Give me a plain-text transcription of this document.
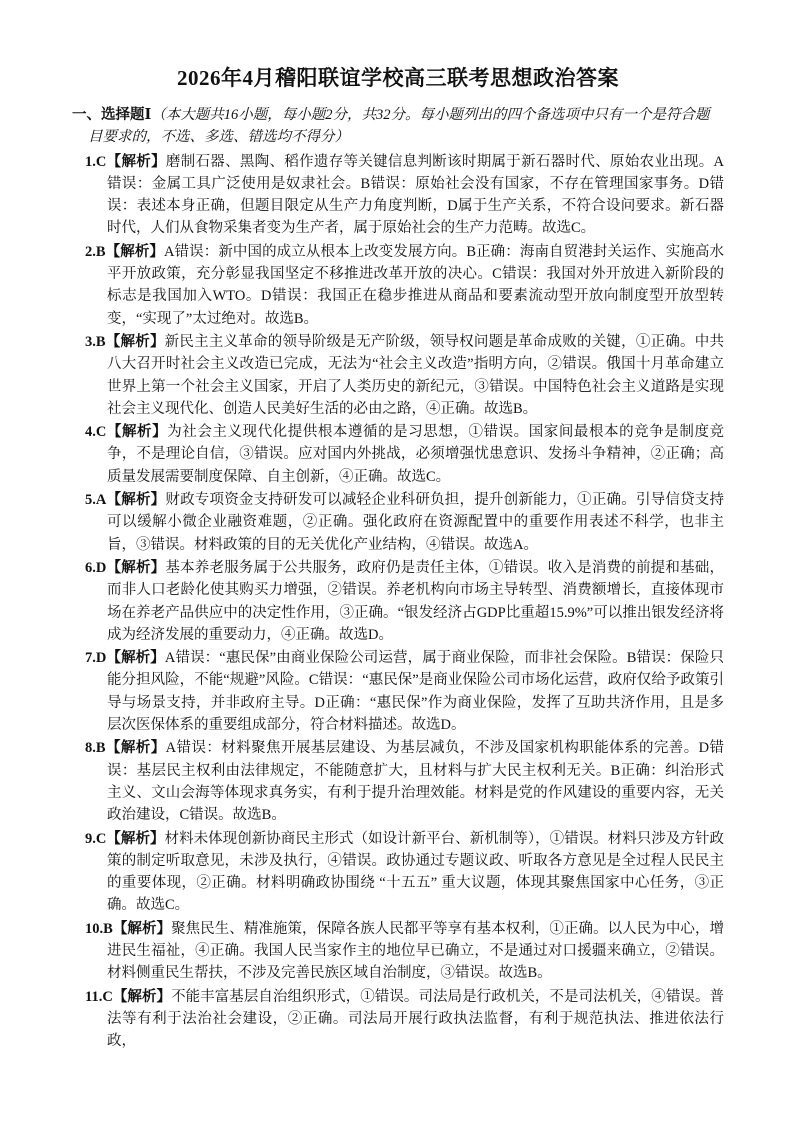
2026年4月稽阳联谊学校高三联考思想政治答案

一、选择题Ⅰ（本大题共16小题，每小题2分，共32分。每小题列出的四个备选项中只有一个是符合题目要求的，不选、多选、错选均不得分）

1.C【解析】磨制石器、黑陶、稻作遗存等关键信息判断该时期属于新石器时代、原始农业出现。A错误：金属工具广泛使用是奴隶社会。B错误：原始社会没有国家，不存在管理国家事务。D错误：表述本身正确，但题目限定从生产力角度判断，D属于生产关系，不符合设问要求。新石器时代，人们从食物采集者变为生产者，属于原始社会的生产力范畴。故选C。
2.B【解析】A错误：新中国的成立从根本上改变发展方向。B正确：海南自贸港封关运作、实施高水平开放政策，充分彰显我国坚定不移推进改革开放的决心。C错误：我国对外开放进入新阶段的标志是我国加入WTO。D错误：我国正在稳步推进从商品和要素流动型开放向制度型开放型转变，“实现了”太过绝对。故选B。
3.B【解析】新民主主义革命的领导阶级是无产阶级，领导权问题是革命成败的关键，①正确。中共八大召开时社会主义改造已完成，无法为“社会主义改造”指明方向，②错误。俄国十月革命建立世界上第一个社会主义国家，开启了人类历史的新纪元，③错误。中国特色社会主义道路是实现社会主义现代化、创造人民美好生活的必由之路，④正确。故选B。
4.C【解析】为社会主义现代化提供根本遵循的是习思想，①错误。国家间最根本的竞争是制度竞争，不是理论自信，③错误。应对国内外挑战，必须增强忧患意识、发扬斗争精神，②正确；高质量发展需要制度保障、自主创新，④正确。故选C。
5.A【解析】财政专项资金支持研发可以减轻企业科研负担，提升创新能力，①正确。引导信贷支持可以缓解小微企业融资难题，②正确。强化政府在资源配置中的重要作用表述不科学，也非主旨，③错误。材料政策的目的无关优化产业结构，④错误。故选A。
6.D【解析】基本养老服务属于公共服务，政府仍是责任主体，①错误。收入是消费的前提和基础，而非人口老龄化使其购买力增强，②错误。养老机构向市场主导转型、消费额增长，直接体现市场在养老产品供应中的决定性作用，③正确。“银发经济占GDP比重超15.9%”可以推出银发经济将成为经济发展的重要动力，④正确。故选D。
7.D【解析】A错误：“惠民保”由商业保险公司运营，属于商业保险，而非社会保险。B错误：保险只能分担风险，不能“规避”风险。C错误：“惠民保”是商业保险公司市场化运营，政府仅给予政策引导与场景支持，并非政府主导。D正确：“惠民保”作为商业保险，发挥了互助共济作用，且是多层次医保体系的重要组成部分，符合材料描述。故选D。
8.B【解析】A错误：材料聚焦开展基层建设、为基层减负，不涉及国家机构职能体系的完善。D错误：基层民主权利由法律规定，不能随意扩大，且材料与扩大民主权利无关。B正确：纠治形式主义、文山会海等体现求真务实，有利于提升治理效能。材料是党的作风建设的重要内容，无关政治建设，C错误。故选B。
9.C【解析】材料未体现创新协商民主形式（如设计新平台、新机制等），①错误。材料只涉及方针政策的制定听取意见，未涉及执行，④错误。政协通过专题议政、听取各方意见是全过程人民民主的重要体现，②正确。材料明确政协围绕 “十五五” 重大议题，体现其聚焦国家中心任务，③正确。故选C。
10.B【解析】聚焦民生、精准施策，保障各族人民都平等享有基本权利，①正确。以人民为中心，增进民生福祉，④正确。我国人民当家作主的地位早已确立，不是通过对口援疆来确立，②错误。材料侧重民生帮扶，不涉及完善民族区域自治制度，③错误。故选B。
11.C【解析】不能丰富基层自治组织形式，①错误。司法局是行政机关，不是司法机关，④错误。普法等有利于法治社会建设，②正确。司法局开展行政执法监督，有利于规范执法、推进依法行政，
